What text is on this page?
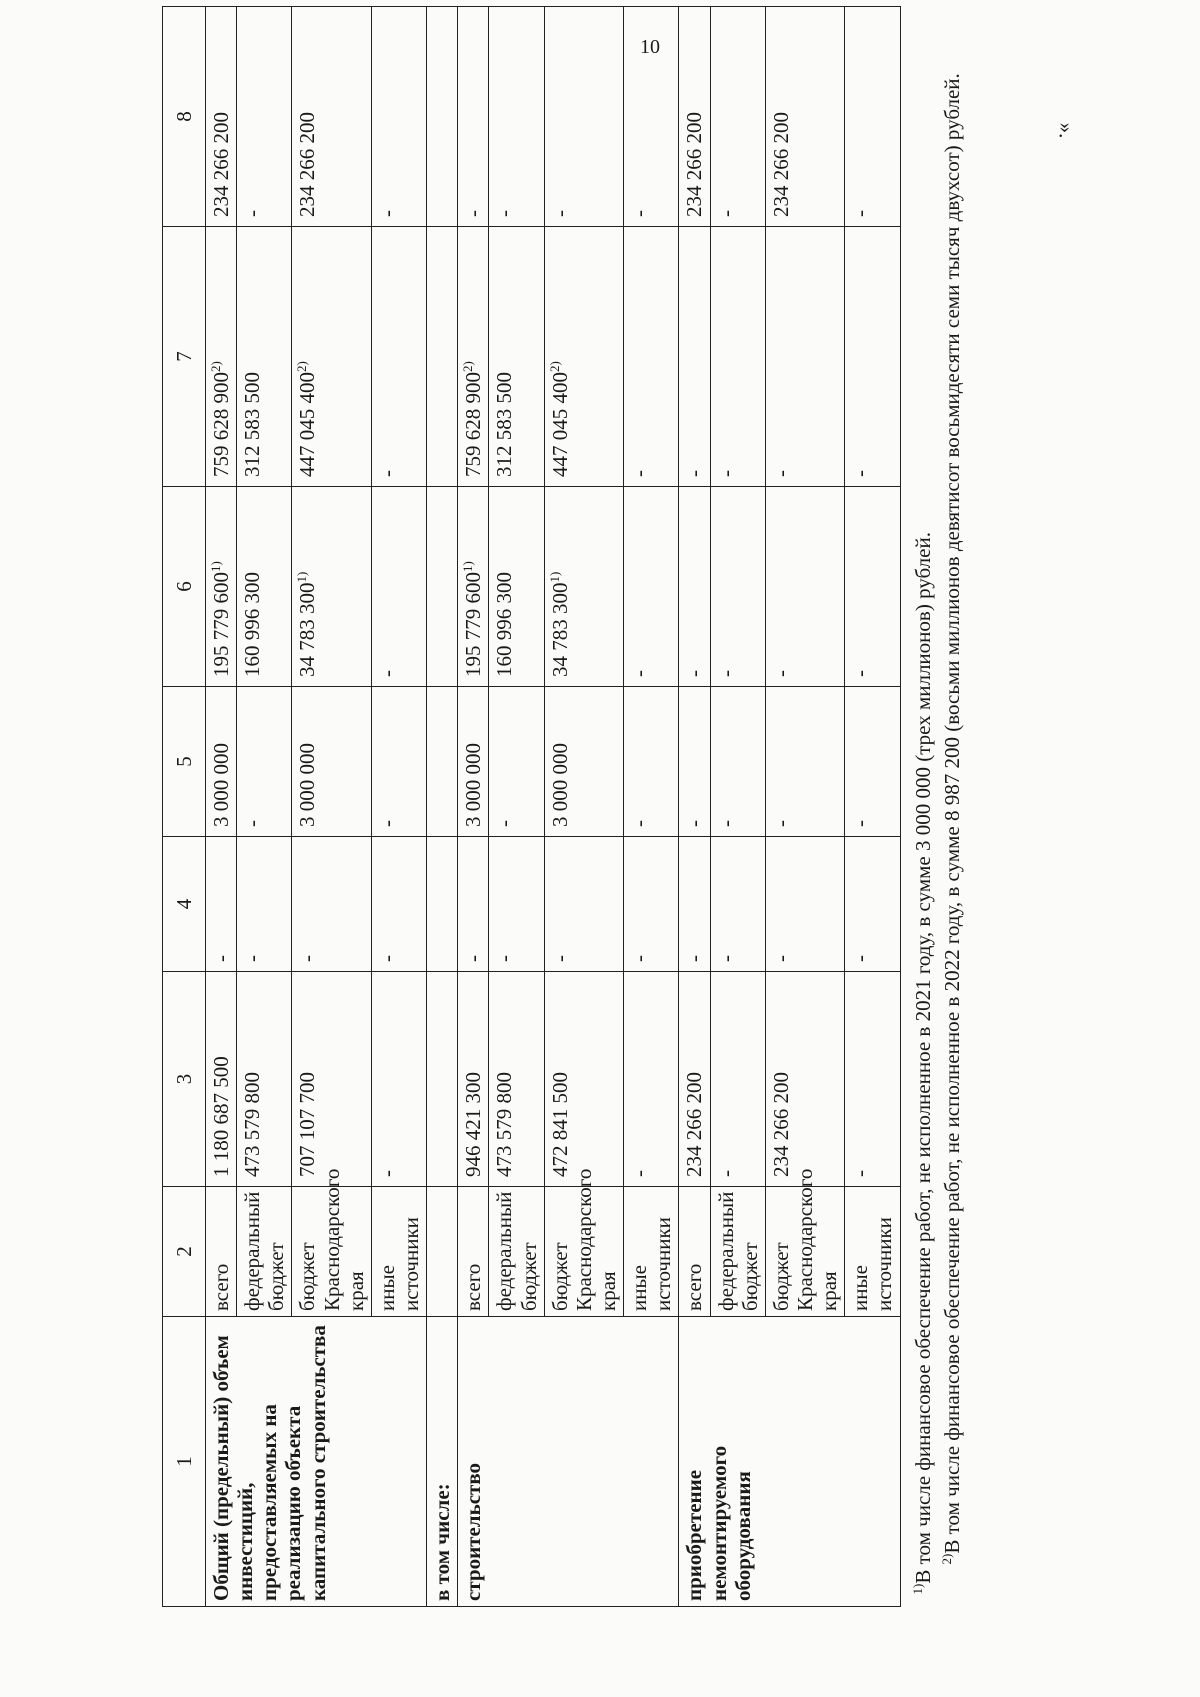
10
».
1	2	3	4	5	6	7	8
Общий (предельный) объем инвестиций, предоставляемых на реализацию объекта капитального строительства	всего	1 180 687 500	-	3 000 000	195 779 600$^{1)}$	759 628 900$^{2)}$	234 266 200
	федеральный бюджет	473 579 800	-	-	160 996 300	312 583 500	-
	бюджет Краснодарского края	707 107 700	-	3 000 000	34 783 300$^{1)}$	447 045 400$^{2)}$	234 266 200
	иные источники	-	-	-	-	-	-
в том числе:							
строительство	всего	946 421 300	-	3 000 000	195 779 600$^{1)}$	759 628 900$^{2)}$	-
	федеральный бюджет	473 579 800	-	-	160 996 300	312 583 500	-
	бюджет Краснодарского края	472 841 500	-	3 000 000	34 783 300$^{1)}$	447 045 400$^{2)}$	-
	иные источники	-	-	-	-	-	-
приобретение немонтируемого оборудования	всего	234 266 200	-	-	-	-	234 266 200
	федеральный бюджет	-	-	-	-	-	-
	бюджет Краснодарского края	234 266 200	-	-	-	-	234 266 200
	иные источники	-	-	-	-	-	-

$^{1)}$В том числе финансовое обеспечение работ, не исполненное в 2021 году, в сумме 3 000 000 (трех миллионов) рублей. $^{2)}$В том числе финансовое обеспечение работ, не исполненное в 2022 году, в сумме 8 987 200 (восьми миллионов девятисот восьмидесяти семи тысяч двухсот) рублей.							
